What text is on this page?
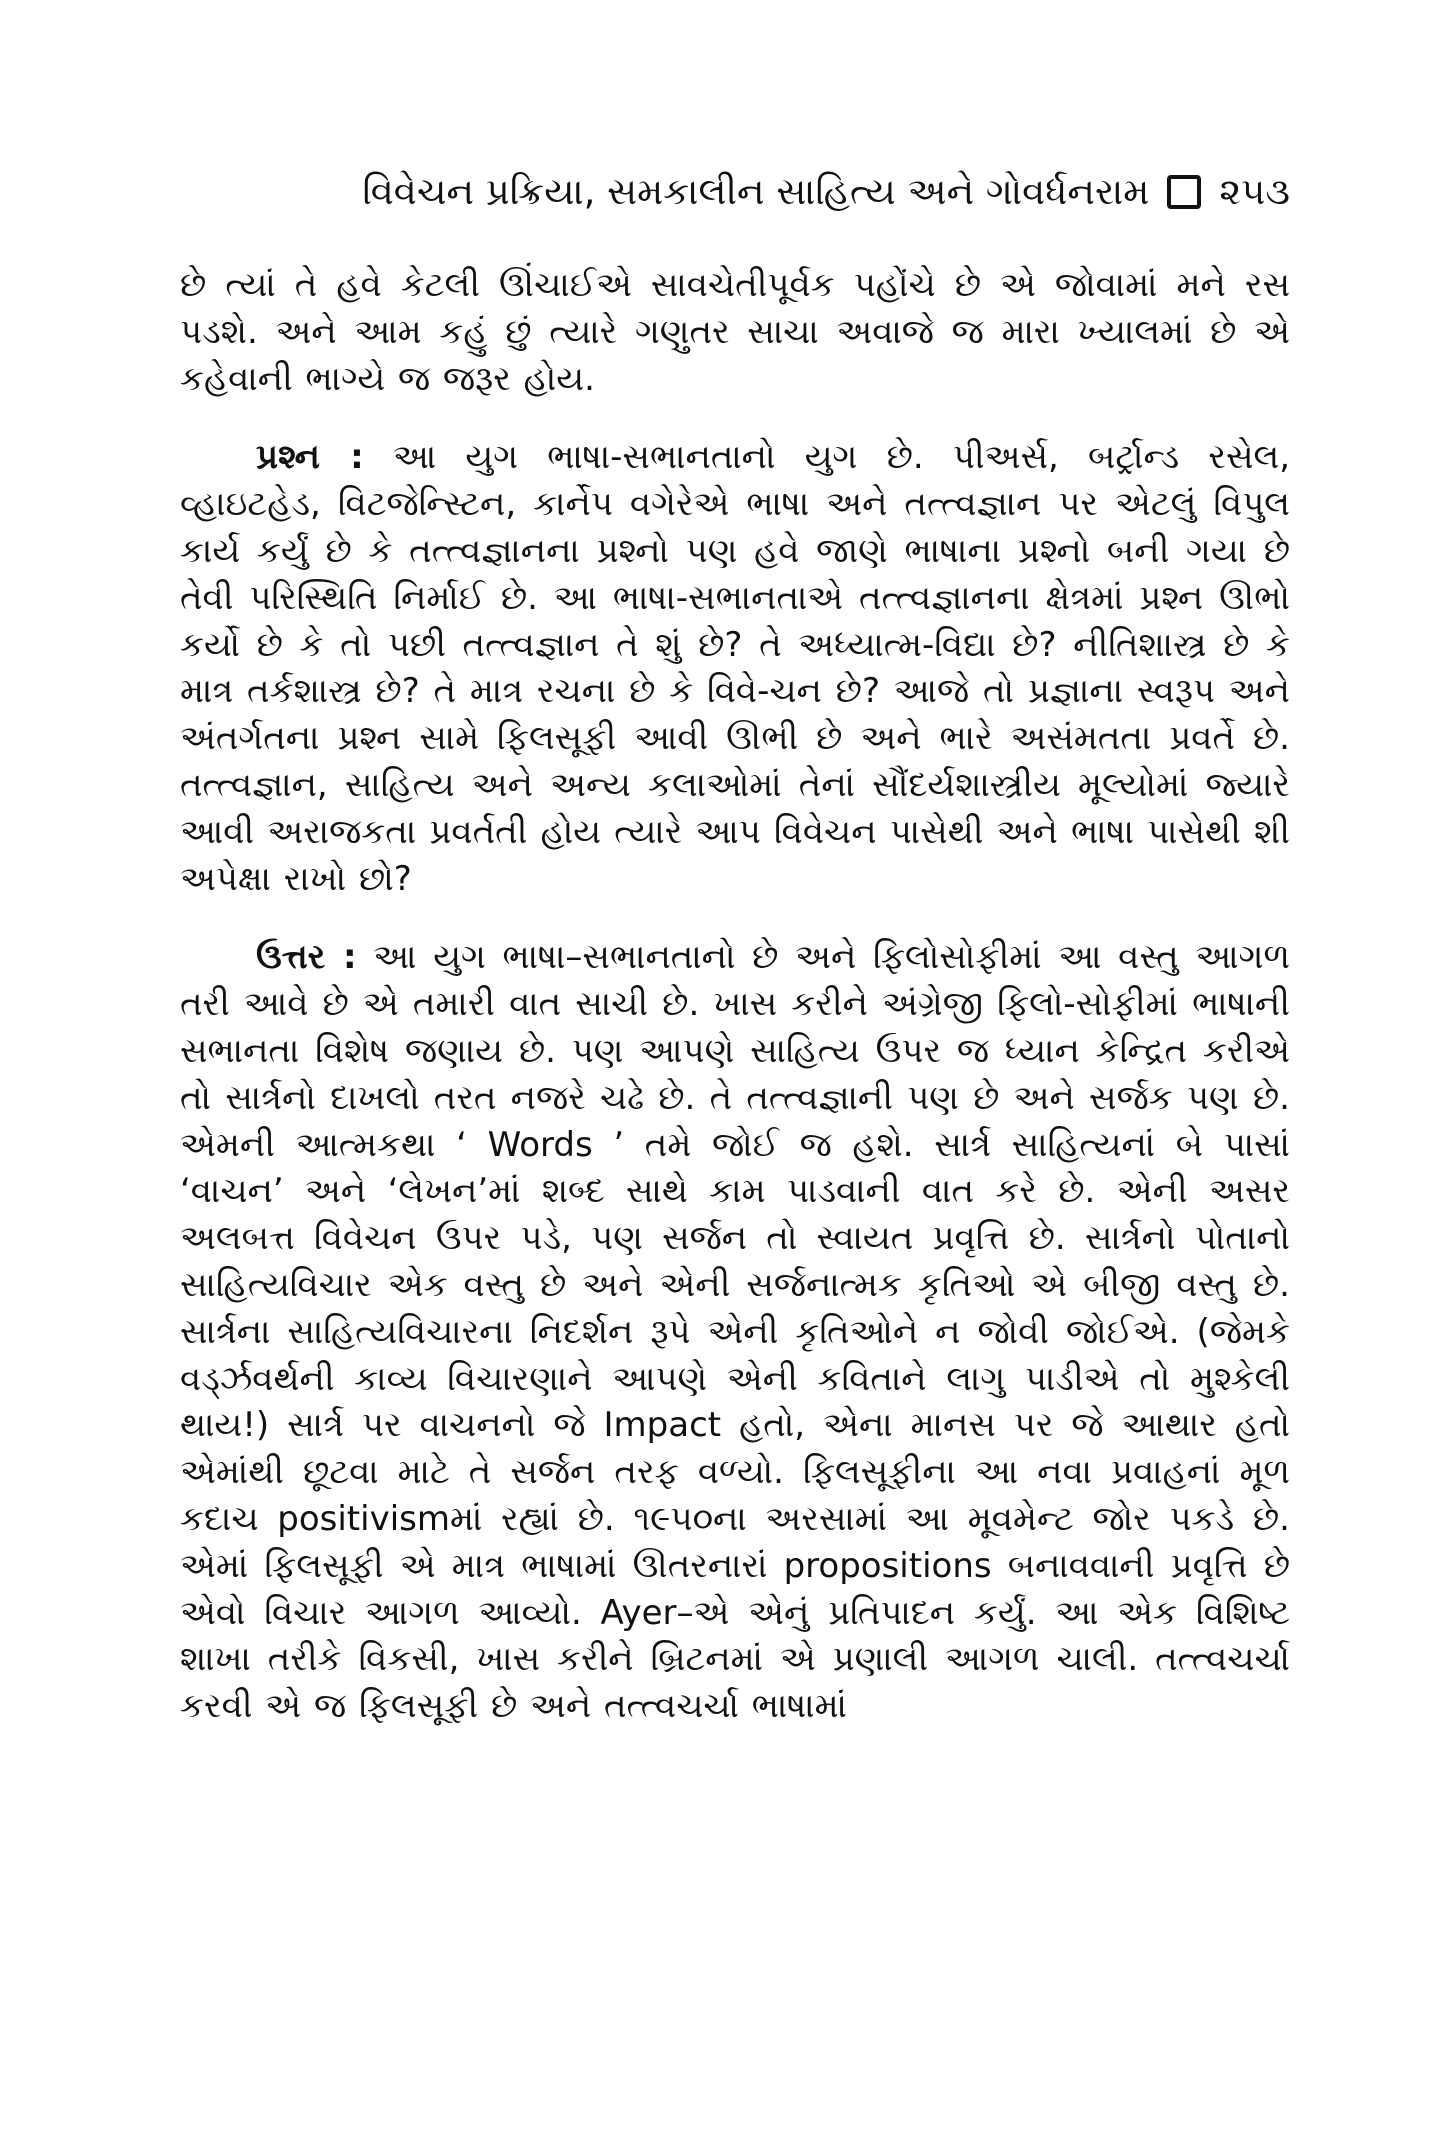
વિવેચન પ્રક્રિયા, સમકાલીન સાહિત્ય અને ગોવર્ધનરામ ૨૫૩

છે ત્યાં તે હવે કેટલી ઊંચાઈએ સાવચેતીપૂર્વક પહોંચે છે એ જોવામાં મને રસ પડશે. અને આમ કહું છું ત્યારે ગણુતર સાચા અવાજે જ મારા ખ્યાલમાં છે એ કહેવાની ભાગ્યે જ જરૂર હોય.

પ્રશ્ન : આ યુગ ભાષા-સભાનતાનો યુગ છે. પીઅર્સ, બર્ટ્રાન્ડ રસેલ, વ્હાઇટહેડ, વિટજેન્સ્ટિન, કાર્નેપ વગેરેએ ભાષા અને તત્ત્વજ્ઞાન પર એટલું વિપુલ કાર્ય કર્યું છે કે તત્ત્વજ્ઞાનના પ્રશ્નો પણ હવે જાણે ભાષાના પ્રશ્નો બની ગયા છે તેવી પરિસ્થિતિ નિર્માઈ છે. આ ભાષા-સભાનતાએ તત્ત્વજ્ઞાનના ક્ષેત્રમાં પ્રશ્ન ઊભો કર્યો છે કે તો પછી તત્ત્વજ્ઞાન તે શું છે? તે અધ્યાત્મ-વિદ્યા છે? નીતિશાસ્ત્ર છે કે માત્ર તર્કશાસ્ત્ર છે? તે માત્ર રચના છે કે વિવે-ચન છે? આજે તો પ્રજ્ઞાના સ્વરૂપ અને અંતર્ગતના પ્રશ્ન સામે ફિલસૂફી આવી ઊભી છે અને ભારે અસંમતતા પ્રવર્તે છે. તત્ત્વજ્ઞાન, સાહિત્ય અને અન્ય કલાઓમાં તેનાં સૌંદર્યશાસ્ત્રીય મૂલ્યોમાં જ્યારે આવી અરાજકતા પ્રવર્તતી હોય ત્યારે આપ વિવેચન પાસેથી અને ભાષા પાસેથી શી અપેક્ષા રાખો છો?

ઉત્તર : આ યુગ ભાષા–સભાનતાનો છે અને ફિલોસોફીમાં આ વસ્તુ આગળ તરી આવે છે એ તમારી વાત સાચી છે. ખાસ કરીને અંગ્રેજી ફિલો-સોફીમાં ભાષાની સભાનતા વિશેષ જણાય છે. પણ આપણે સાહિત્ય ઉપર જ ધ્યાન કેન્દ્રિત કરીએ તો સાર્ત્રનો દાખલો તરત નજરે ચઢે છે. તે તત્ત્વજ્ઞાની પણ છે અને સર્જક પણ છે. એમની આત્મકથા ‘ Words ’ તમે જોઈ જ હશે. સાર્ત્ર સાહિત્યનાં બે પાસાં ‘વાચન’ અને ‘લેખન’માં શબ્દ સાથે કામ પાડવાની વાત કરે છે. એની અસર અલબત્ત વિવેચન ઉપર પડે, પણ સર્જન તો સ્વાયત પ્રવૃત્તિ છે. સાર્ત્રનો પોતાનો સાહિત્યવિચાર એક વસ્તુ છે અને એની સર્જનાત્મક કૃતિઓ એ બીજી વસ્તુ છે. સાર્ત્રના સાહિત્યવિચારના નિદર્શન રૂપે એની કૃતિઓને ન જોવી જોઈએ. (જેમકે વર્ડ્ઝવર્થની કાવ્ય વિચારણાને આપણે એની કવિતાને લાગુ પાડીએ તો મુશ્કેલી થાય!) સાર્ત્ર પર વાચનનો જે Impact હતો, એના માનસ પર જે આથાર હતો એમાંથી છૂટવા માટે તે સર્જન તરફ વળ્યો. ફિલસૂફીના આ નવા પ્રવાહનાં મૂળ કદાચ positivismમાં રહ્યાં છે. ૧૯૫૦ના અરસામાં આ મૂવમેન્ટ જોર પકડે છે. એમાં ફિલસૂફી એ માત્ર ભાષામાં ઊતરનારાં propositions બનાવવાની પ્રવૃત્તિ છે એવો વિચાર આગળ આવ્યો. Ayer–એ એનું પ્રતિપાદન કર્યું. આ એક વિશિષ્ટ શાખા તરીકે વિકસી, ખાસ કરીને બ્રિટનમાં એ પ્રણાલી આગળ ચાલી. તત્ત્વચર્ચા કરવી એ જ ફિલસૂફી છે અને તત્ત્વચર્ચા ભાષામાં
